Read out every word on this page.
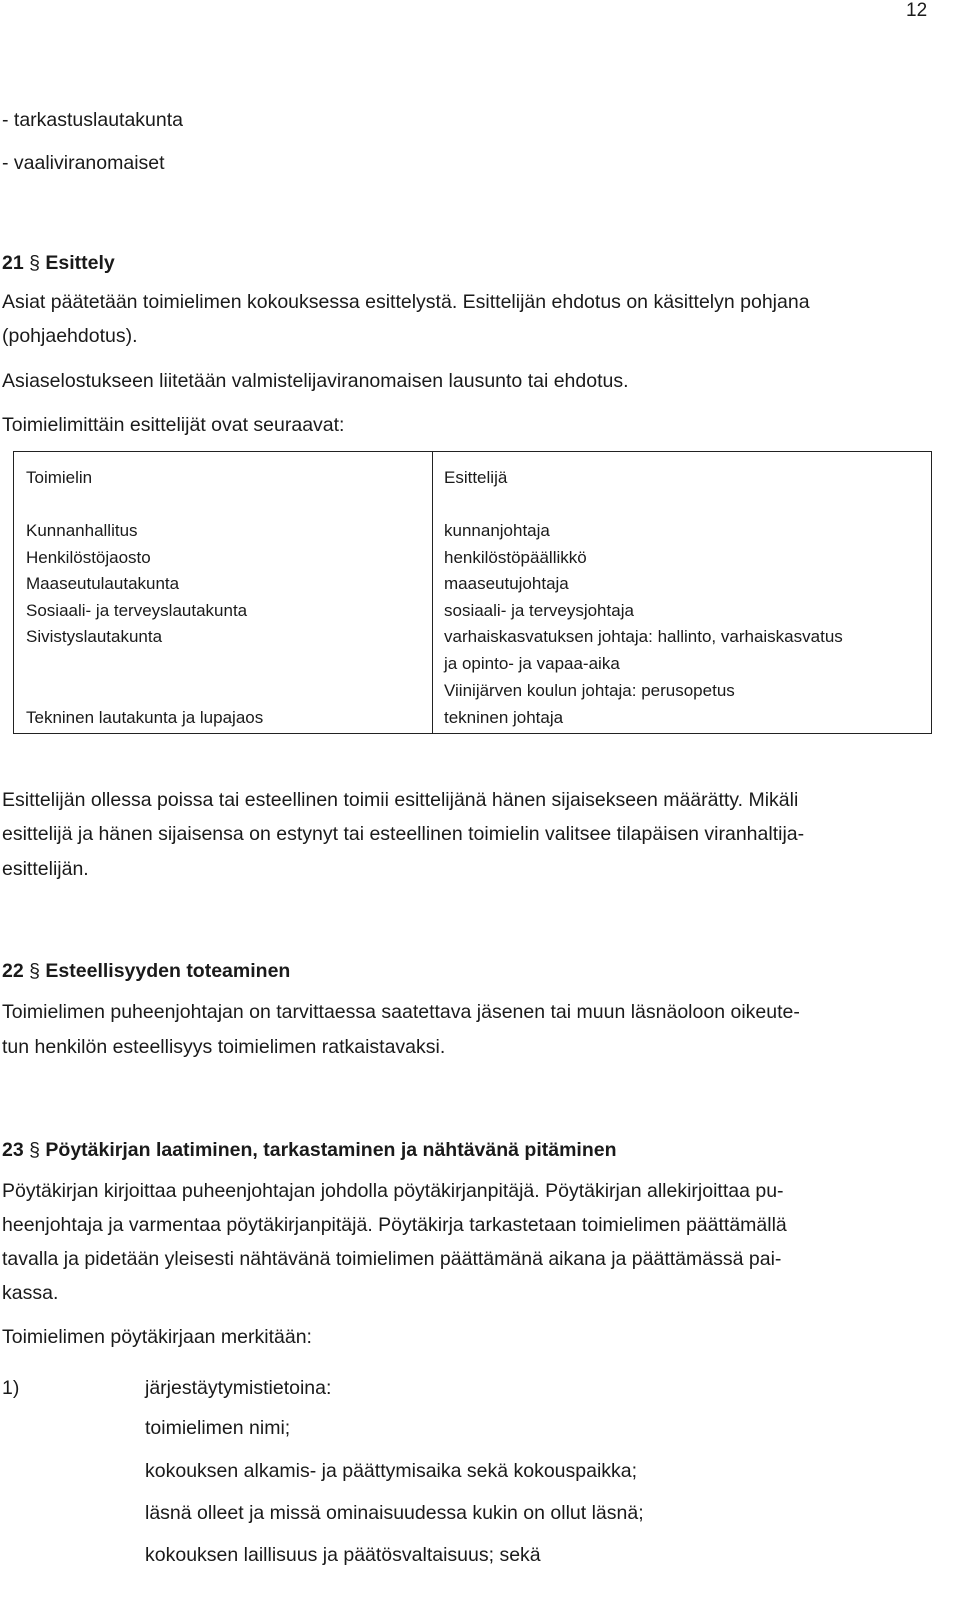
12
- tarkastuslautakunta
- vaaliviranomaiset
21 § Esittely
Asiat päätetään toimielimen kokouksessa esittelystä. Esittelijän ehdotus on käsittelyn pohjana
(pohjaehdotus).
Asiaselostukseen liitetään valmistelijaviranomaisen lausunto tai ehdotus.
Toimielimittäin esittelijät ovat seuraavat:
Toimielin	Esittelijä
Kunnanhallitus
Henkilöstöjaosto
Maaseutulautakunta
Sosiaali- ja terveyslautakunta
Sivistyslautakunta
Tekninen lautakunta ja lupajaos
kunnanjohtaja
henkilöstöpäällikkö
maaseutujohtaja
sosiaali- ja terveysjohtaja
varhaiskasvatuksen johtaja: hallinto, varhaiskasvatus
ja opinto- ja vapaa-aika
Viinijärven koulun johtaja: perusopetus
tekninen johtaja
Esittelijän ollessa poissa tai esteellinen toimii esittelijänä hänen sijaisekseen määrätty. Mikäli
esittelijä ja hänen sijaisensa on estynyt tai esteellinen toimielin valitsee tilapäisen viranhaltija-
esittelijän.
22 § Esteellisyyden toteaminen
Toimielimen puheenjohtajan on tarvittaessa saatettava jäsenen tai muun läsnäoloon oikeute-
tun henkilön esteellisyys toimielimen ratkaistavaksi.
23 § Pöytäkirjan laatiminen, tarkastaminen ja nähtävänä pitäminen
Pöytäkirjan kirjoittaa puheenjohtajan johdolla pöytäkirjanpitäjä. Pöytäkirjan allekirjoittaa pu-
heenjohtaja ja varmentaa pöytäkirjanpitäjä. Pöytäkirja tarkastetaan toimielimen päättämällä
tavalla ja pidetään yleisesti nähtävänä toimielimen päättämänä aikana ja päättämässä pai-
kassa.
Toimielimen pöytäkirjaan merkitään:
1)	järjestäytymistietoina:
toimielimen nimi;
kokouksen alkamis- ja päättymisaika sekä kokouspaikka;
läsnä olleet ja missä ominaisuudessa kukin on ollut läsnä;
kokouksen laillisuus ja päätösvaltaisuus; sekä
